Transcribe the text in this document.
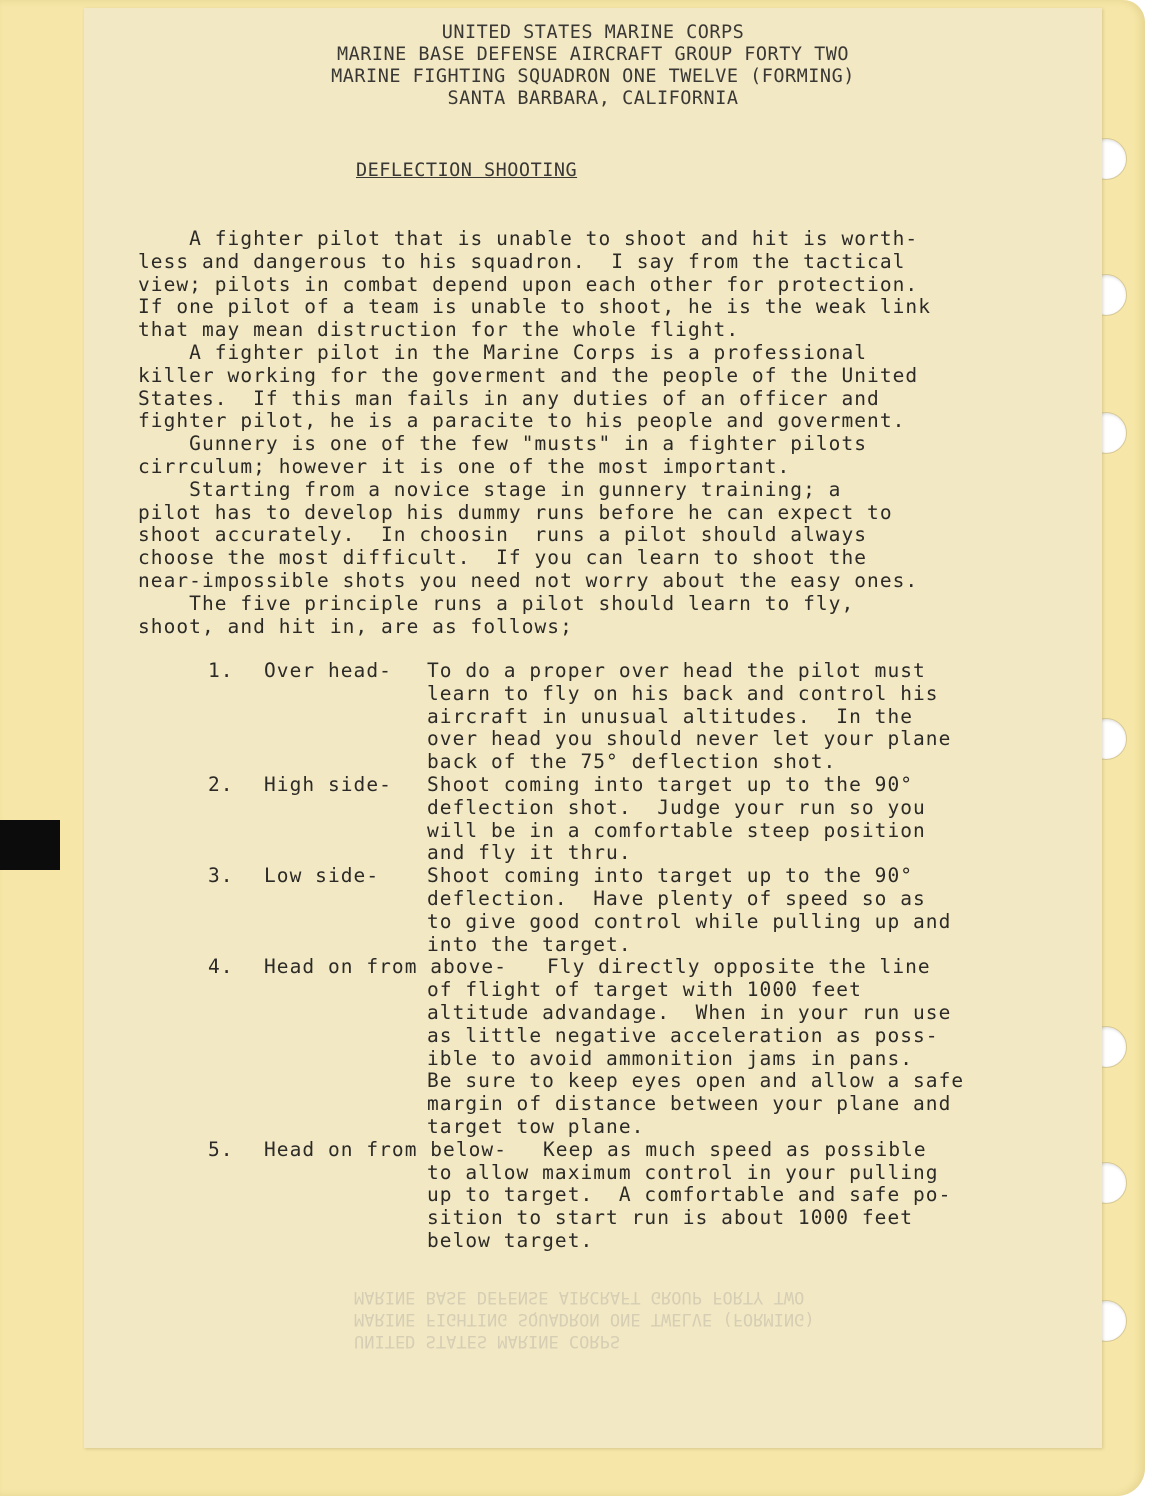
UNITED STATES MARINE CORPS
MARINE BASE DEFENSE AIRCRAFT GROUP FORTY TWO
MARINE FIGHTING SQUADRON ONE TWELVE (FORMING)
SANTA BARBARA, CALIFORNIA
DEFLECTION SHOOTING
A fighter pilot that is unable to shoot and hit is worth-
less and dangerous to his squadron.  I say from the tactical
view; pilots in combat depend upon each other for protection.
If one pilot of a team is unable to shoot, he is the weak link
that may mean distruction for the whole flight.
A fighter pilot in the Marine Corps is a professional
killer working for the goverment and the people of the United
States.  If this man fails in any duties of an officer and
fighter pilot, he is a paracite to his people and goverment.
Gunnery is one of the few "musts" in a fighter pilots
cirrculum; however it is one of the most important.
Starting from a novice stage in gunnery training; a
pilot has to develop his dummy runs before he can expect to
shoot accurately.  In choosin  runs a pilot should always
choose the most difficult.  If you can learn to shoot the
near-impossible shots you need not worry about the easy ones.
The five principle runs a pilot should learn to fly,
shoot, and hit in, are as follows;
1. Over head- To do a proper over head the pilot must
learn to fly on his back and control his
aircraft in unusual altitudes.  In the
over head you should never let your plane
back of the 75° deflection shot.
2. High side- Shoot coming into target up to the 90°
deflection shot.  Judge your run so you
will be in a comfortable steep position
and fly it thru.
3. Low side- Shoot coming into target up to the 90°
deflection.  Have plenty of speed so as
to give good control while pulling up and
into the target.
4. Head on from above- Fly directly opposite the line
of flight of target with 1000 feet
altitude advandage.  When in your run use
as little negative acceleration as poss-
ible to avoid ammonition jams in pans.
Be sure to keep eyes open and allow a safe
margin of distance between your plane and
target tow plane.
5. Head on from below- Keep as much speed as possible
to allow maximum control in your pulling
up to target.  A comfortable and safe po-
sition to start run is about 1000 feet
below target.
UNITED STATES MARINE CORPS
MARINE FIGHTING SQUADRON ONE TWELVE (FORMING)
MARINE BASE DEFENSE AIRCRAFT GROUP FORTY TWO
